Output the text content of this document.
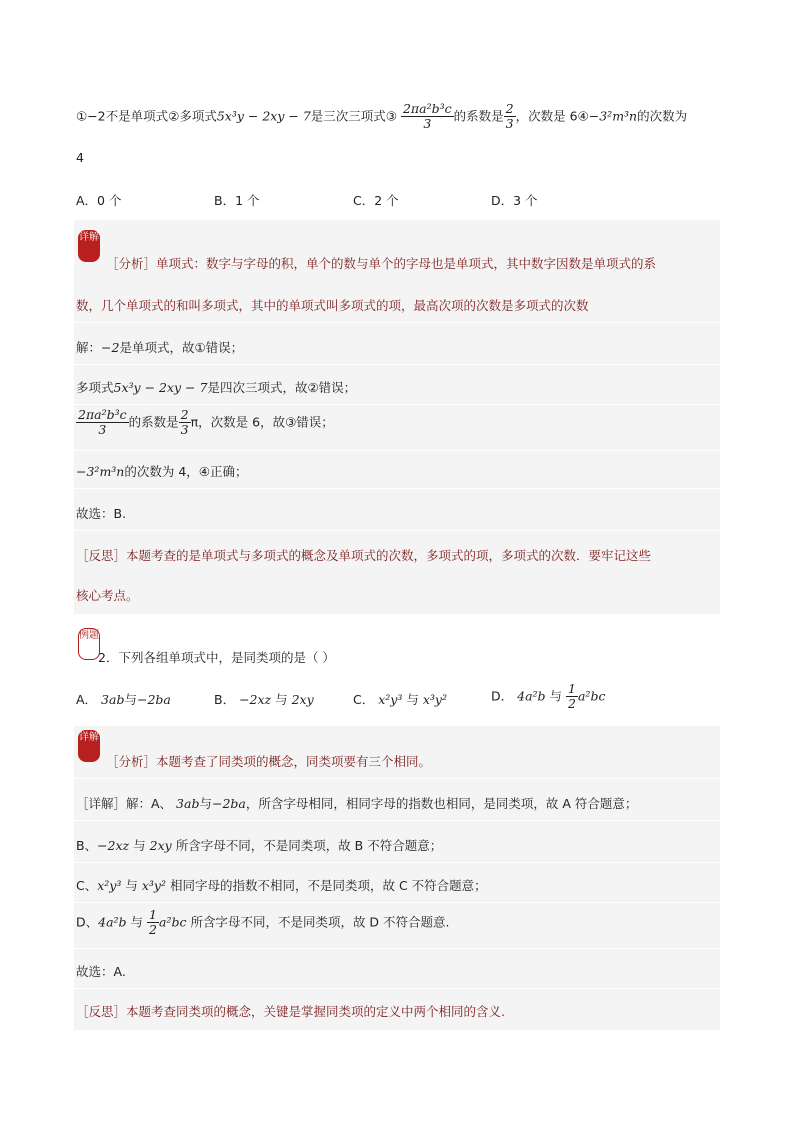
①−2不是单项式②多项式5x³y − 2xy − 7是三次三项式③ $\frac{\text{2πa²b³c}}{3}$ 的系数是 $\frac{2}{3}$ ，次数是 6④−3²m³n的次数为
4
A．0 个	B．1 个	C．2 个	D．3 个
详解
［分析］单项式：数字与字母的积，单个的数与单个的字母也是单项式，其中数字因数是单项式的系
数，几个单项式的和叫多项式，其中的单项式叫多项式的项，最高次项的次数是多项式的次数
解：−2是单项式，故①错误；
多项式5x³y − 2xy − 7是四次三项式，故②错误；
$\frac{\text{2πa²b³c}}{3}$ 的系数是 $\frac{2}{3}$ π，次数是 6，故③错误；
−3²m³n的次数为 4，④正确；
故选：B.
［反思］本题考查的是单项式与多项式的概念及单项式的次数，多项式的项，多项式的次数．要牢记这些
核心考点。
例题
2．下列各组单项式中，是同类项的是（ ）
A． 3ab与−2ba	B． −2xz 与 2xy	C． x²y³ 与 x³y²	D． 4a²b 与 $\frac{1}{2} a^2bc$
详解
［分析］本题考查了同类项的概念，同类项要有三个相同。
［详解］解：A、 3ab与−2ba，所含字母相同，相同字母的指数也相同，是同类项，故 A 符合题意；
B、−2xz 与 2xy 所含字母不同，不是同类项，故 B 不符合题意；
C、x²y³ 与 x³y² 相同字母的指数不相同，不是同类项，故 C 不符合题意；
D、4a²b 与 $\frac{1}{2} a^2bc$ 所含字母不同，不是同类项，故 D 不符合题意.
故选：A.
［反思］本题考查同类项的概念，关键是掌握同类项的定义中两个相同的含义.
